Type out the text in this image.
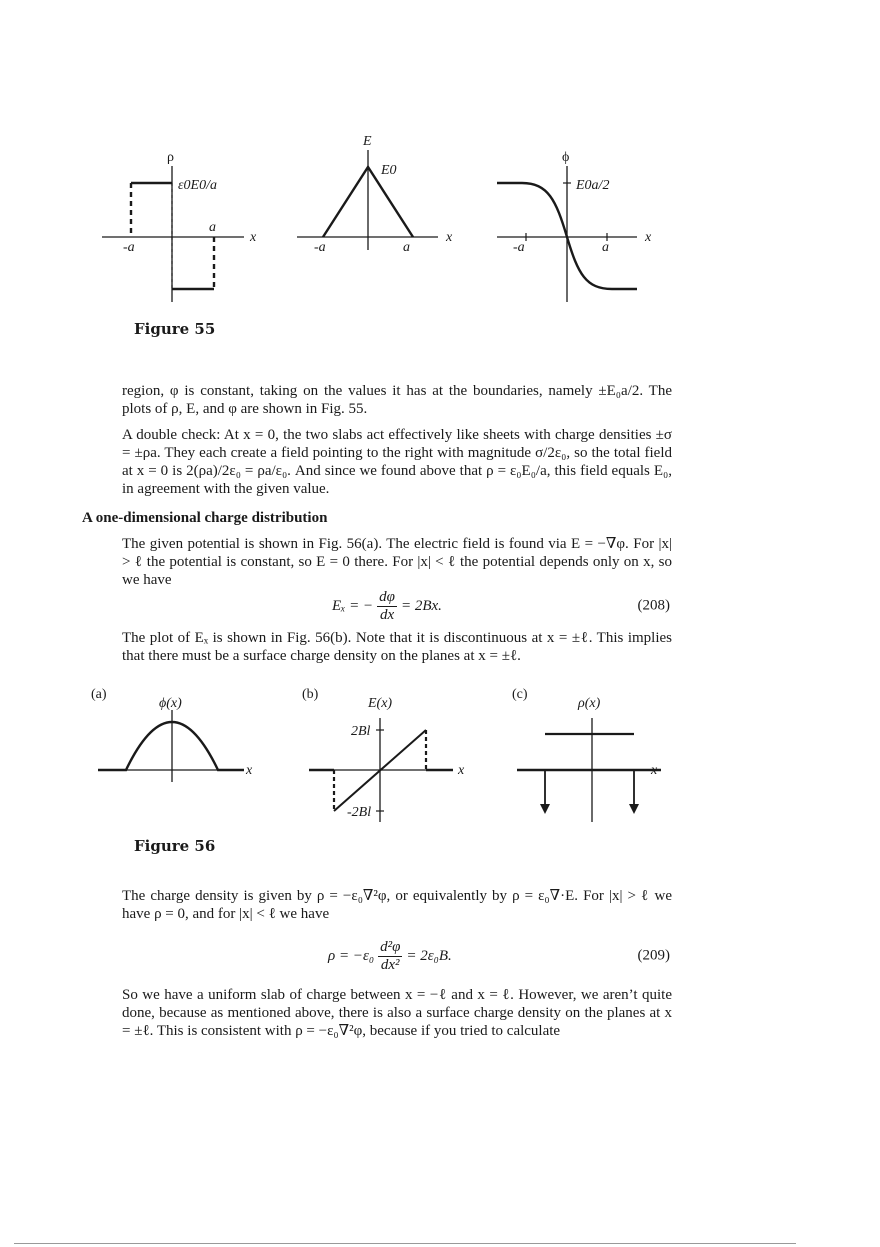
ρ
ε0E0/a
x
-a
a
E
E0
x
-a	a
ϕ
E0a/2
x
-a	a
Figure 55

region, φ is constant, taking on the values it has at the boundaries, namely ±E₀a/2. The plots of ρ, E, and φ are shown in Fig. 55.

A double check: At x = 0, the two slabs act effectively like sheets with charge densities ±σ = ±ρa. They each create a field pointing to the right with magnitude σ/2ε₀, so the total field at x = 0 is 2(ρa)/2ε₀ = ρa/ε₀. And since we found above that ρ = ε₀E₀/a, this field equals E₀, in agreement with the given value.

A one-dimensional charge distribution

The given potential is shown in Fig. 56(a). The electric field is found via E = −∇φ. For |x| > ℓ the potential is constant, so E = 0 there. For |x| < ℓ the potential depends only on x, so we have

Eₓ = − $\frac{d\varphi}{dx} = 2Bx$.	(208)

The plot of Eₓ is shown in Fig. 56(b). Note that it is discontinuous at x = ±ℓ. This implies that there must be a surface charge density on the planes at x = ±ℓ.

(a)
ϕ(x)
x
(b)
E(x)
2Bl
-2Bl
x
(c)
ρ(x)
x
Figure 56

The charge density is given by ρ = −ε₀∇²φ, or equivalently by ρ = ε₀∇·E. For |x| > ℓ we have ρ = 0, and for |x| < ℓ we have

$\rho = -\varepsilon_0 \frac{\text{d²φ}}{\text{dx²}} = 2\varepsilon_0B$.	(209)

So we have a uniform slab of charge between x = −ℓ and x = ℓ. However, we aren’t quite done, because as mentioned above, there is also a surface charge density on the planes at x = ±ℓ. This is consistent with ρ = −ε₀∇²φ, because if you tried to calculate
